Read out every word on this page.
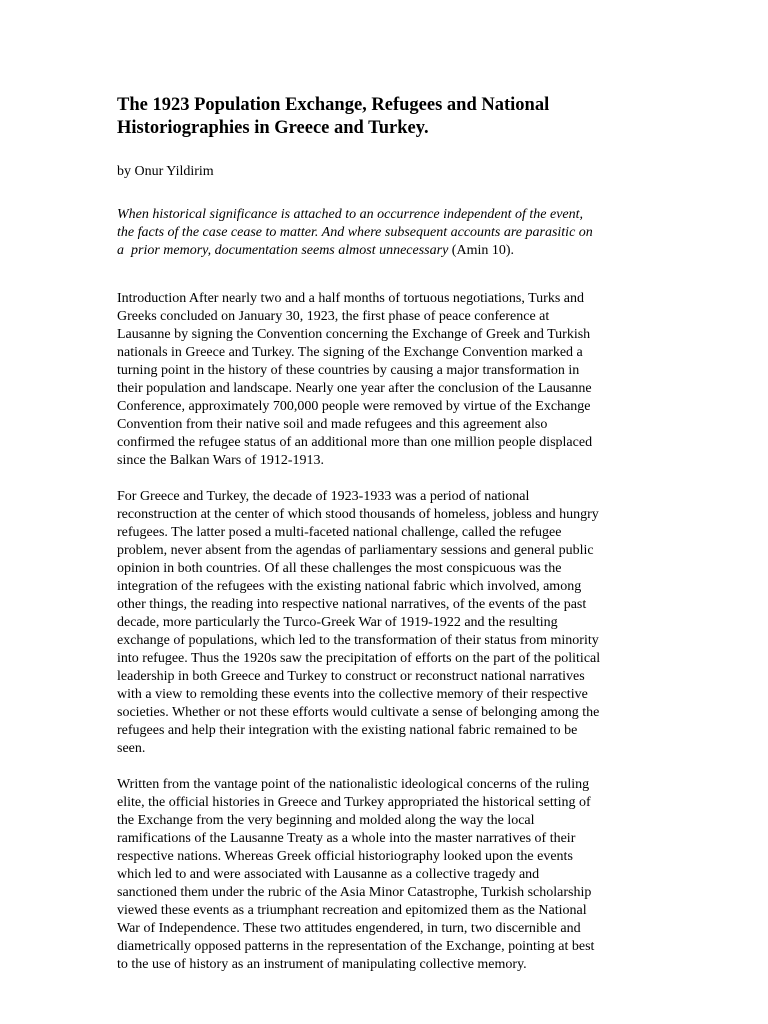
The 1923 Population Exchange, Refugees and National
Historiographies in Greece and Turkey.

by Onur Yildirim

When historical significance is attached to an occurrence independent of the event,
the facts of the case cease to matter. And where subsequent accounts are parasitic on
a  prior memory, documentation seems almost unnecessary (Amin 10).
Introduction After nearly two and a half months of tortuous negotiations, Turks and
Greeks concluded on January 30, 1923, the first phase of peace conference at
Lausanne by signing the Convention concerning the Exchange of Greek and Turkish
nationals in Greece and Turkey. The signing of the Exchange Convention marked a
turning point in the history of these countries by causing a major transformation in
their population and landscape. Nearly one year after the conclusion of the Lausanne
Conference, approximately 700,000 people were removed by virtue of the Exchange
Convention from their native soil and made refugees and this agreement also
confirmed the refugee status of an additional more than one million people displaced
since the Balkan Wars of 1912-1913.
For Greece and Turkey, the decade of 1923-1933 was a period of national
reconstruction at the center of which stood thousands of homeless, jobless and hungry
refugees. The latter posed a multi-faceted national challenge, called the refugee
problem, never absent from the agendas of parliamentary sessions and general public
opinion in both countries. Of all these challenges the most conspicuous was the
integration of the refugees with the existing national fabric which involved, among
other things, the reading into respective national narratives, of the events of the past
decade, more particularly the Turco-Greek War of 1919-1922 and the resulting
exchange of populations, which led to the transformation of their status from minority
into refugee. Thus the 1920s saw the precipitation of efforts on the part of the political
leadership in both Greece and Turkey to construct or reconstruct national narratives
with a view to remolding these events into the collective memory of their respective
societies. Whether or not these efforts would cultivate a sense of belonging among the
refugees and help their integration with the existing national fabric remained to be
seen.
Written from the vantage point of the nationalistic ideological concerns of the ruling
elite, the official histories in Greece and Turkey appropriated the historical setting of
the Exchange from the very beginning and molded along the way the local
ramifications of the Lausanne Treaty as a whole into the master narratives of their
respective nations. Whereas Greek official historiography looked upon the events
which led to and were associated with Lausanne as a collective tragedy and
sanctioned them under the rubric of the Asia Minor Catastrophe, Turkish scholarship
viewed these events as a triumphant recreation and epitomized them as the National
War of Independence. These two attitudes engendered, in turn, two discernible and
diametrically opposed patterns in the representation of the Exchange, pointing at best
to the use of history as an instrument of manipulating collective memory.
